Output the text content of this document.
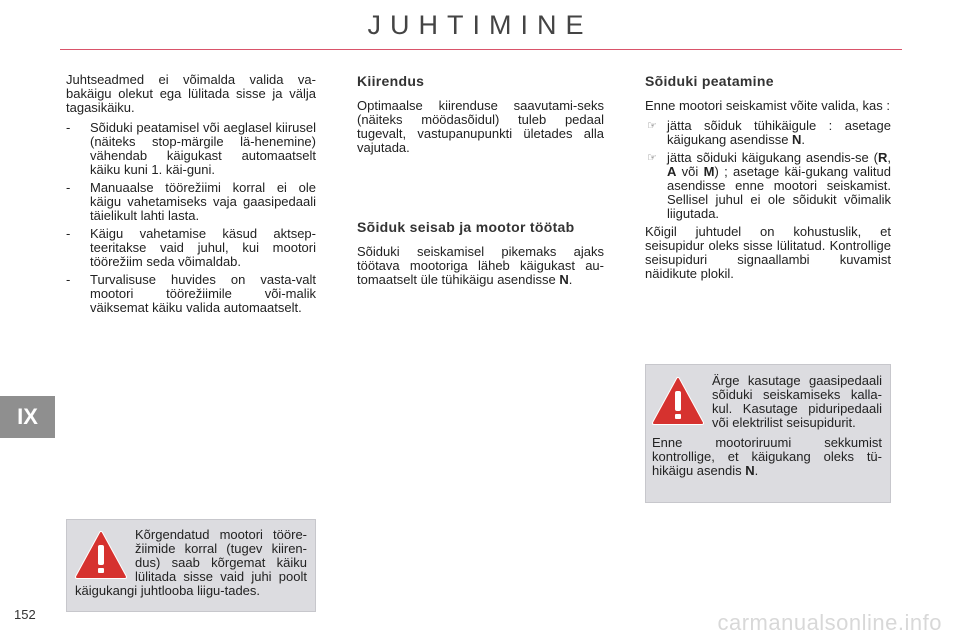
JUHTIMINE
IX
152	carmanualsonline.info

Juhtseadmed ei võimalda valida va-bakäigu olekut ega lülitada sisse ja välja tagasikäiku.

- Sõiduki peatamisel või aeglasel kiirusel (näiteks stop-märgile lä-henemine) vähendab käigukast automaatselt käiku kuni 1. käi-guni.
- Manuaalse töörežiimi korral ei ole käigu vahetamiseks vaja gaasipedaali täielikult lahti lasta.
- Käigu vahetamise käsud aktsep-teeritakse vaid juhul, kui mootori töörežiim seda võimaldab.
- Turvalisuse huvides on vasta-valt mootori töörežiimile või-malik väiksemat käiku valida automaatselt.

Kõrgendatud mootori tööre-žiimide korral (tugev kiiren-dus) saab kõrgemat käiku lülitada sisse vaid juhi poolt käigukangi juhtlooba liigu-tades.

Kiirendus

Optimaalse kiirenduse saavutami-seks (näiteks möödasõidul) tuleb pedaal tugevalt, vastupanupunkti ületades alla vajutada.

Sõiduk seisab ja mootor töötab

Sõiduki seiskamisel pikemaks ajaks töötava mootoriga läheb käigukast au-tomaatselt üle tühikäigu asendisse N.

Sõiduki peatamine

Enne mootori seiskamist võite valida, kas :

☞ jätta sõiduk tühikäigule : asetage käigukang asendisse N.
☞ jätta sõiduki käigukang asendis-se (R, A või M) ; asetage käi-gukang valitud asendisse enne mootori seiskamist. Sellisel juhul ei ole sõidukit võimalik liigutada.

Kõigil juhtudel on kohustuslik, et seisupidur oleks sisse lülitatud. Kontrollige seisupiduri signaallambi kuvamist näidikute plokil.

Ärge kasutage gaasipedaali sõiduki seiskamiseks kalla-kul. Kasutage piduripedaali või elektrilist seisupidurit.

Enne mootoriruumi sekkumist kontrollige, et käigukang oleks tü-hikäigu asendis N.
